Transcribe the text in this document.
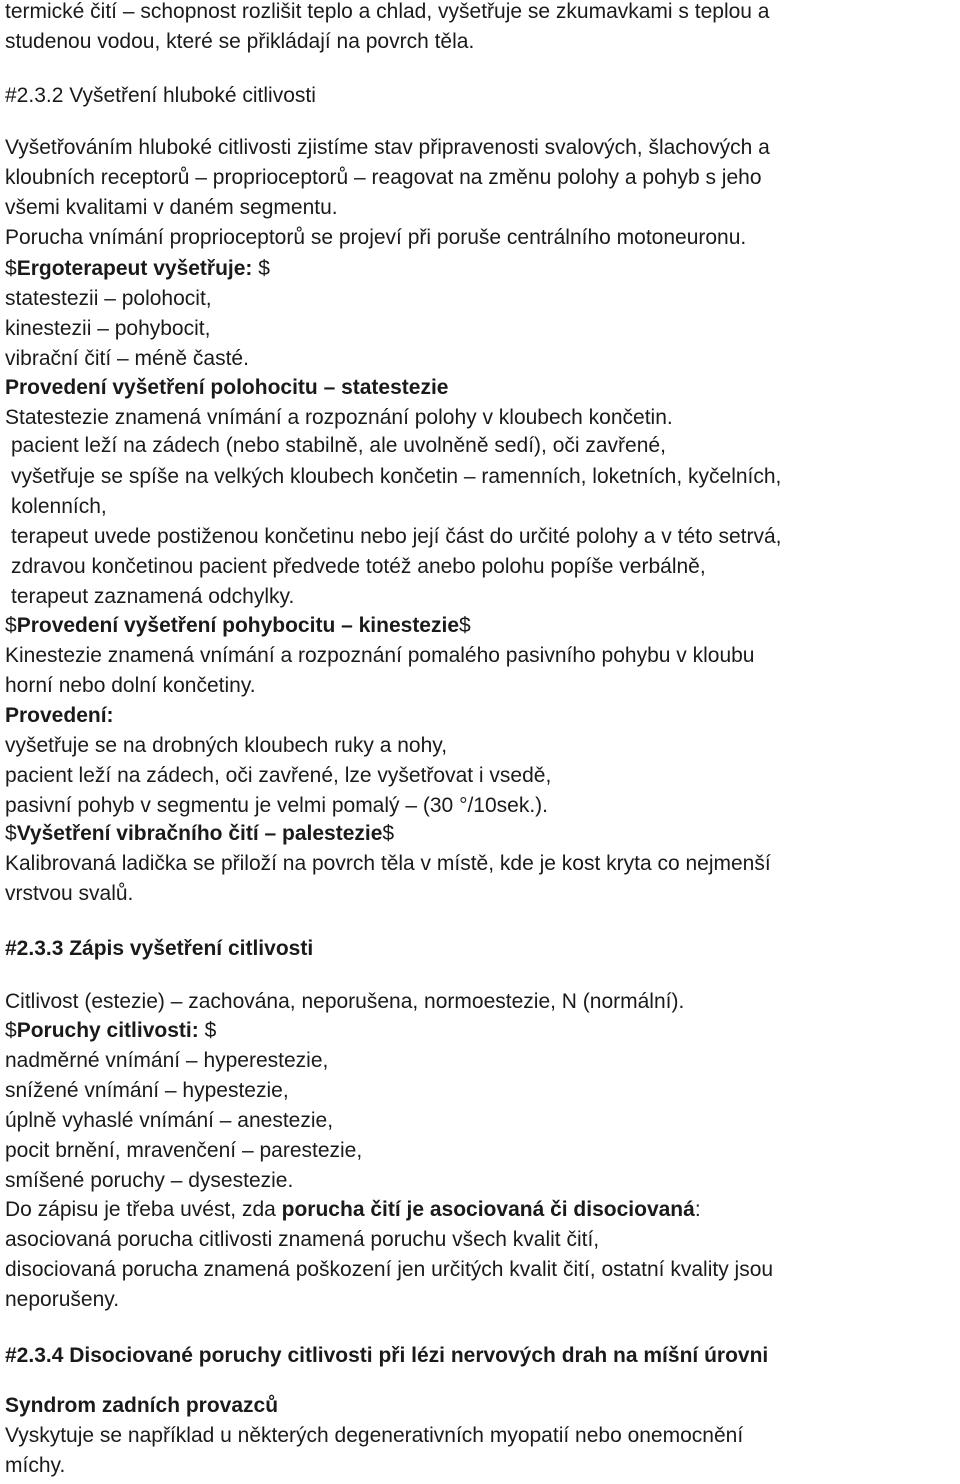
termické čití – schopnost rozlišit teplo a chlad, vyšetřuje se zkumavkami s teplou a
studenou vodou, které se přikládají na povrch těla.
#2.3.2 Vyšetření hluboké citlivosti
Vyšetřováním hluboké citlivosti zjistíme stav připravenosti svalových, šlachových a
kloubních receptorů – proprioceptorů – reagovat na změnu polohy a pohyb s jeho
všemi kvalitami v daném segmentu.
Porucha vnímání proprioceptorů se projeví při poruše centrálního motoneuronu.
$Ergoterapeut vyšetřuje: $
statestezii – polohocit,
kinestezii – pohybocit,
vibrační čití – méně časté.
Provedení vyšetření polohocitu – statestezie
Statestezie znamená vnímání a rozpoznání polohy v kloubech končetin.
pacient leží na zádech (nebo stabilně, ale uvolněně sedí), oči zavřené,
vyšetřuje se spíše na velkých kloubech končetin – ramenních, loketních, kyčelních,
kolenních,
terapeut uvede postiženou končetinu nebo její část do určité polohy a v této setrvá,
zdravou končetinou pacient předvede totéž anebo polohu popíše verbálně,
terapeut zaznamená odchylky.
$Provedení vyšetření pohybocitu – kinestezie$
Kinestezie znamená vnímání a rozpoznání pomalého pasivního pohybu v kloubu
horní nebo dolní končetiny.
Provedení:
vyšetřuje se na drobných kloubech ruky a nohy,
pacient leží na zádech, oči zavřené, lze vyšetřovat i vsedě,
pasivní pohyb v segmentu je velmi pomalý – (30 °/10sek.).
$Vyšetření vibračního čití – palestezie$
Kalibrovaná ladička se přiloží na povrch těla v místě, kde je kost kryta co nejmenší
vrstvou svalů.
#2.3.3 Zápis vyšetření citlivosti
Citlivost (estezie) – zachována, neporušena, normoestezie, N (normální).
$Poruchy citlivosti: $
nadměrné vnímání – hyperestezie,
snížené vnímání – hypestezie,
úplně vyhaslé vnímání – anestezie,
pocit brnění, mravenčení – parestezie,
smíšené poruchy – dysestezie.
Do zápisu je třeba uvést, zda porucha čití je asociovaná či disociovaná:
asociovaná porucha citlivosti znamená poruchu všech kvalit čití,
disociovaná porucha znamená poškození jen určitých kvalit čití, ostatní kvality jsou
neporušeny.
#2.3.4 Disociované poruchy citlivosti při lézi nervových drah na míšní úrovni
Syndrom zadních provazců
Vyskytuje se například u některých degenerativních myopatií nebo onemocnění
míchy.
